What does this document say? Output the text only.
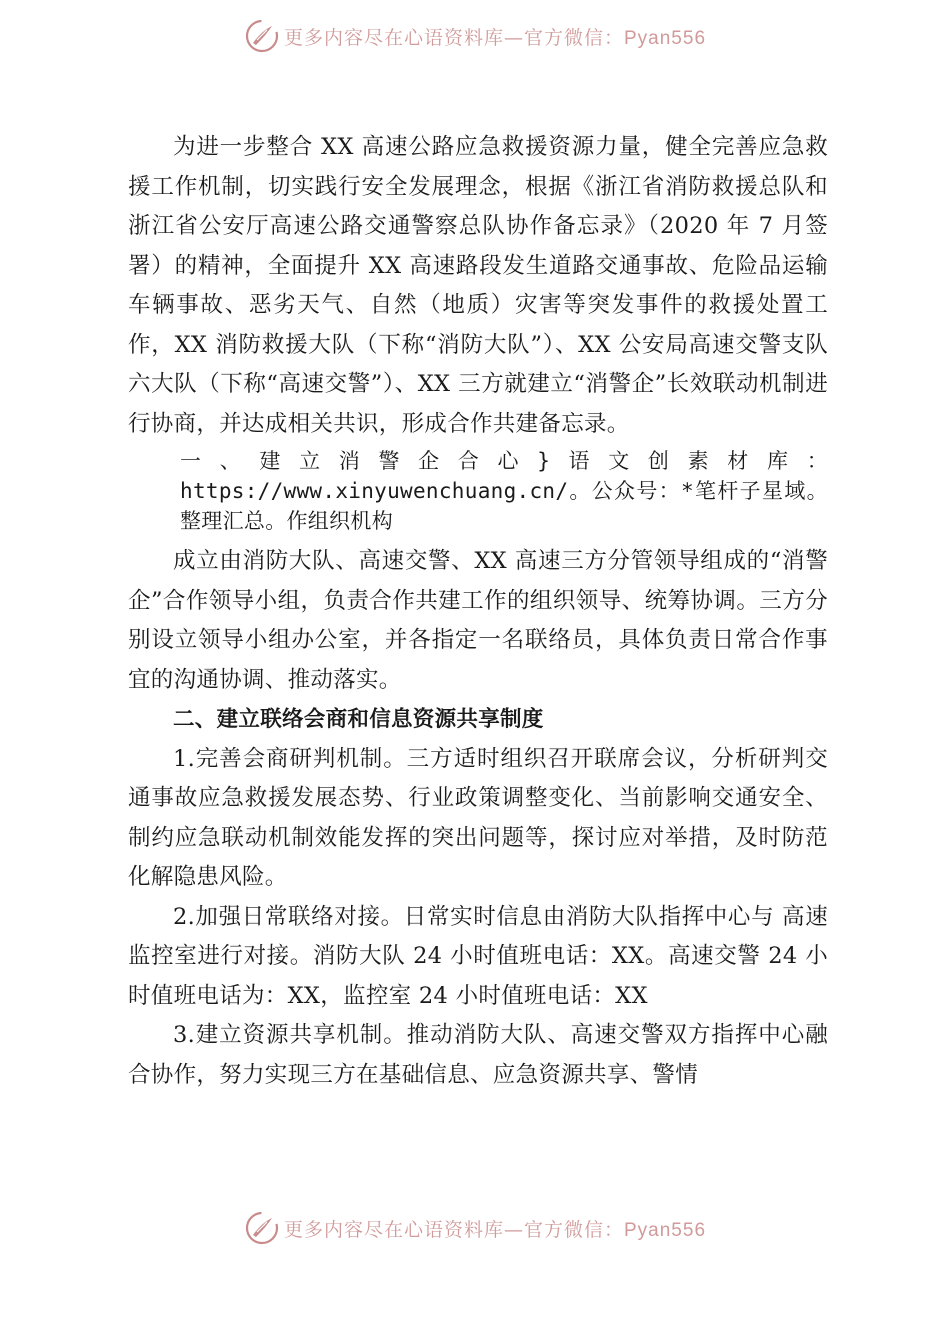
更多内容尽在心语资料库—官方微信：Pyan556

为进一步整合 XX 高速公路应急救援资源力量，健全完善应急救援工作机制，切实践行安全发展理念，根据《浙江省消防救援总队和浙江省公安厅高速公路交通警察总队协作备忘录》（2020 年 7 月签署）的精神，全面提升 XX 高速路段发生道路交通事故、危险品运输车辆事故、恶劣天气、自然（地质）灾害等突发事件的救援处置工作，XX 消防救援大队（下称“消防大队”）、XX 公安局高速交警支队六大队（下称“高速交警”）、XX 三方就建立“消警企”长效联动机制进行协商，并达成相关共识，形成合作共建备忘录。

一、建立消警企合心}语文创素材库：https://www.xinyuwenchuang.cn/。公众号：*笔杆子星域。整理汇总。作组织机构

成立由消防大队、高速交警、XX 高速三方分管领导组成的“消警企”合作领导小组，负责合作共建工作的组织领导、统筹协调。三方分别设立领导小组办公室，并各指定一名联络员，具体负责日常合作事宜的沟通协调、推动落实。

二、建立联络会商和信息资源共享制度

1.完善会商研判机制。三方适时组织召开联席会议，分析研判交通事故应急救援发展态势、行业政策调整变化、当前影响交通安全、制约应急联动机制效能发挥的突出问题等，探讨应对举措，及时防范化解隐患风险。

2.加强日常联络对接。日常实时信息由消防大队指挥中心与 高速监控室进行对接。消防大队 24 小时值班电话：XX。高速交警 24 小时值班电话为：XX，监控室 24 小时值班电话：XX

3.建立资源共享机制。推动消防大队、高速交警双方指挥中心融合协作，努力实现三方在基础信息、应急资源共享、警情

更多内容尽在心语资料库—官方微信：Pyan556
